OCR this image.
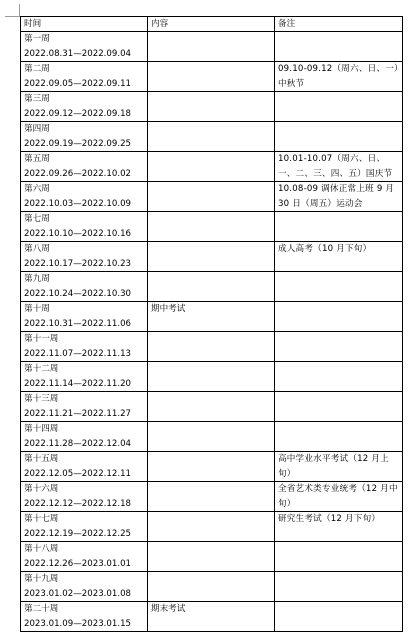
时间	内容	备注

第一周
2022.08.31—2022.09.04		

第二周
2022.09.05—2022.09.11		09.10-09.12（周六、日、一）中秋节

第三周
2022.09.12—2022.09.18		

第四周
2022.09.19—2022.09.25		

第五周
2022.09.26—2022.10.02		10.01-10.07（周六、日、一、二、三、四、五）国庆节

第六周
2022.10.03—2022.10.09		10.08-09 调休正常上班 9 月 30 日（周五）运动会

第七周
2022.10.10—2022.10.16		

第八周
2022.10.17—2022.10.23		成人高考（10 月下旬）

第九周
2022.10.24—2022.10.30		

第十周
2022.10.31—2022.11.06	期中考试	

第十一周
2022.11.07—2022.11.13		

第十二周
2022.11.14—2022.11.20		

第十三周
2022.11.21—2022.11.27		

第十四周
2022.11.28—2022.12.04		

第十五周
2022.12.05—2022.12.11		高中学业水平考试（12 月上旬）

第十六周
2022.12.12—2022.12.18		全省艺术类专业统考（12 月中旬）

第十七周
2022.12.19—2022.12.25		研究生考试（12 月下旬）

第十八周
2022.12.26—2023.01.01		

第十九周
2023.01.02—2023.01.08		

第二十周
2023.01.09—2023.01.15	期末考试	
